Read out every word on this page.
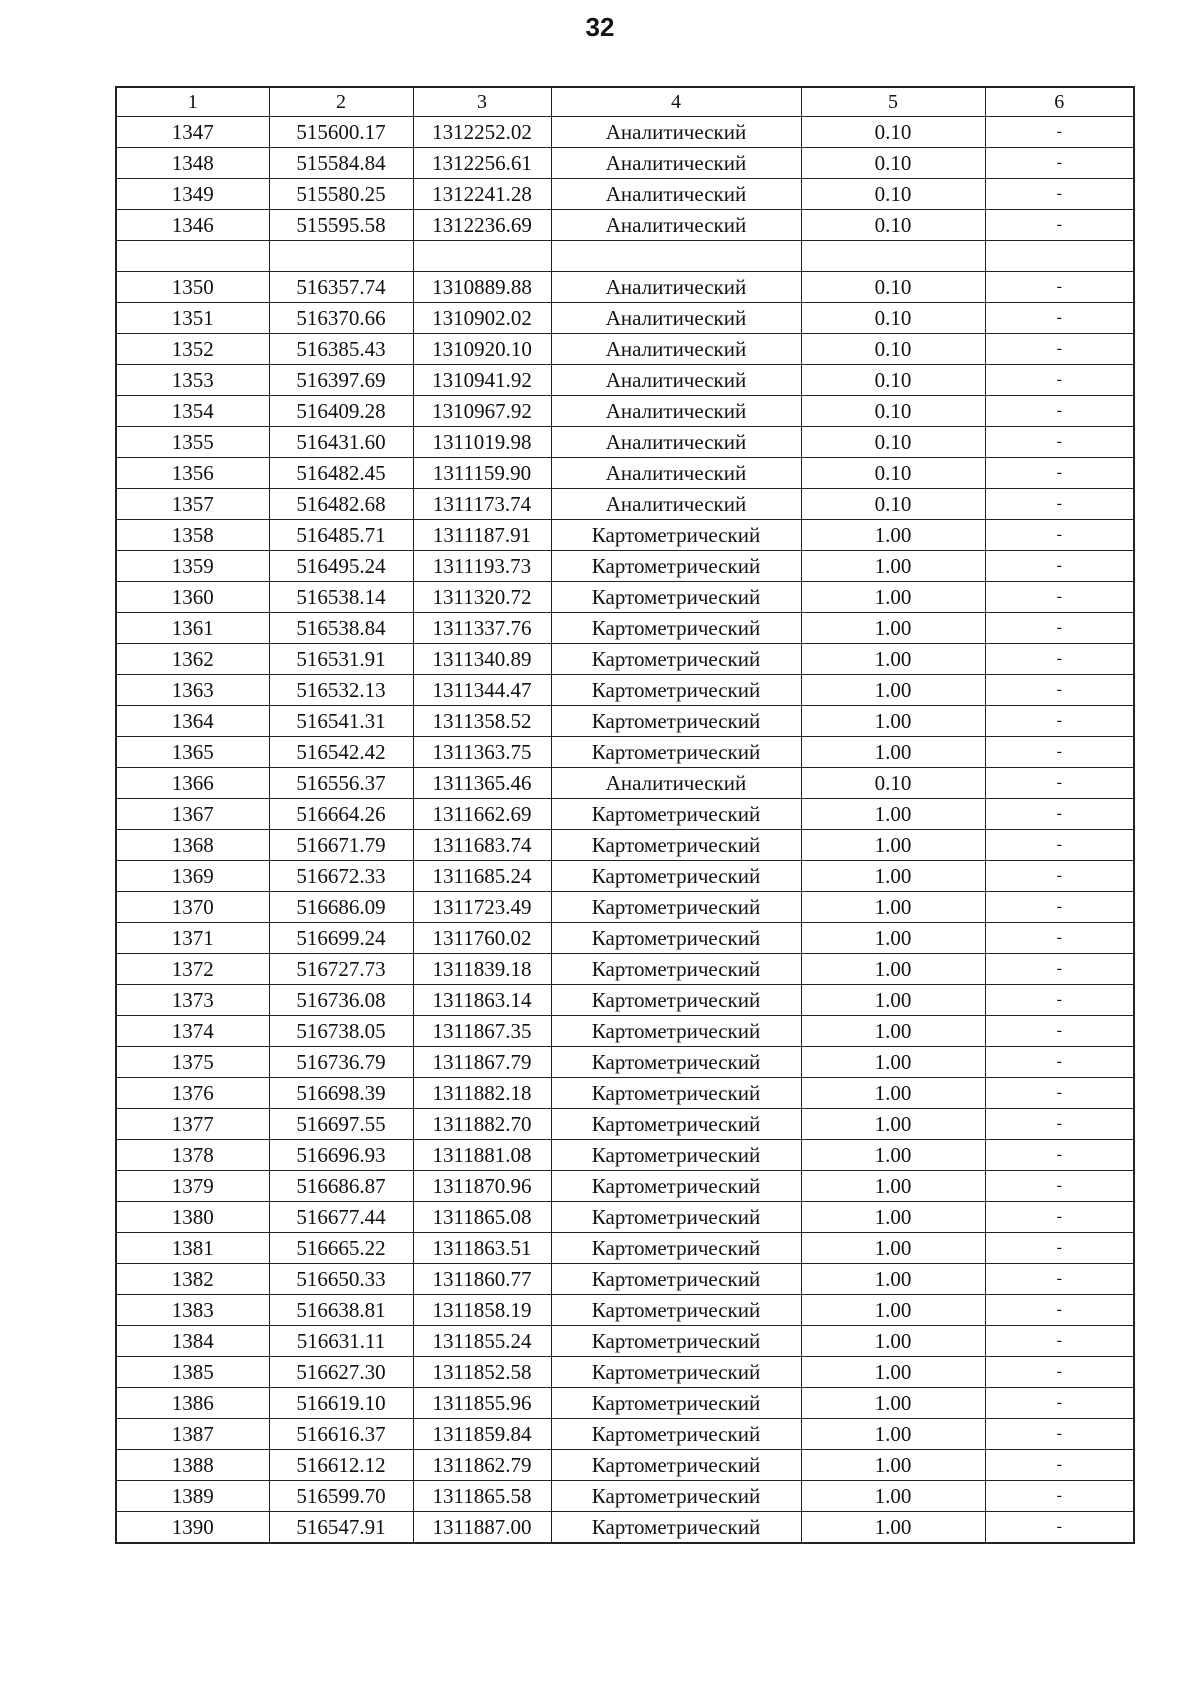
32
1	2	3	4	5	6
1347	515600.17	1312252.02	Аналитический	0.10	-
1348	515584.84	1312256.61	Аналитический	0.10	-
1349	515580.25	1312241.28	Аналитический	0.10	-
1346	515595.58	1312236.69	Аналитический	0.10	-

1350	516357.74	1310889.88	Аналитический	0.10	-
1351	516370.66	1310902.02	Аналитический	0.10	-
1352	516385.43	1310920.10	Аналитический	0.10	-
1353	516397.69	1310941.92	Аналитический	0.10	-
1354	516409.28	1310967.92	Аналитический	0.10	-
1355	516431.60	1311019.98	Аналитический	0.10	-
1356	516482.45	1311159.90	Аналитический	0.10	-
1357	516482.68	1311173.74	Аналитический	0.10	-
1358	516485.71	1311187.91	Картометрический	1.00	-
1359	516495.24	1311193.73	Картометрический	1.00	-
1360	516538.14	1311320.72	Картометрический	1.00	-
1361	516538.84	1311337.76	Картометрический	1.00	-
1362	516531.91	1311340.89	Картометрический	1.00	-
1363	516532.13	1311344.47	Картометрический	1.00	-
1364	516541.31	1311358.52	Картометрический	1.00	-
1365	516542.42	1311363.75	Картометрический	1.00	-
1366	516556.37	1311365.46	Аналитический	0.10	-
1367	516664.26	1311662.69	Картометрический	1.00	-
1368	516671.79	1311683.74	Картометрический	1.00	-
1369	516672.33	1311685.24	Картометрический	1.00	-
1370	516686.09	1311723.49	Картометрический	1.00	-
1371	516699.24	1311760.02	Картометрический	1.00	-
1372	516727.73	1311839.18	Картометрический	1.00	-
1373	516736.08	1311863.14	Картометрический	1.00	-
1374	516738.05	1311867.35	Картометрический	1.00	-
1375	516736.79	1311867.79	Картометрический	1.00	-
1376	516698.39	1311882.18	Картометрический	1.00	-
1377	516697.55	1311882.70	Картометрический	1.00	-
1378	516696.93	1311881.08	Картометрический	1.00	-
1379	516686.87	1311870.96	Картометрический	1.00	-
1380	516677.44	1311865.08	Картометрический	1.00	-
1381	516665.22	1311863.51	Картометрический	1.00	-
1382	516650.33	1311860.77	Картометрический	1.00	-
1383	516638.81	1311858.19	Картометрический	1.00	-
1384	516631.11	1311855.24	Картометрический	1.00	-
1385	516627.30	1311852.58	Картометрический	1.00	-
1386	516619.10	1311855.96	Картометрический	1.00	-
1387	516616.37	1311859.84	Картометрический	1.00	-
1388	516612.12	1311862.79	Картометрический	1.00	-
1389	516599.70	1311865.58	Картометрический	1.00	-
1390	516547.91	1311887.00	Картометрический	1.00	-
